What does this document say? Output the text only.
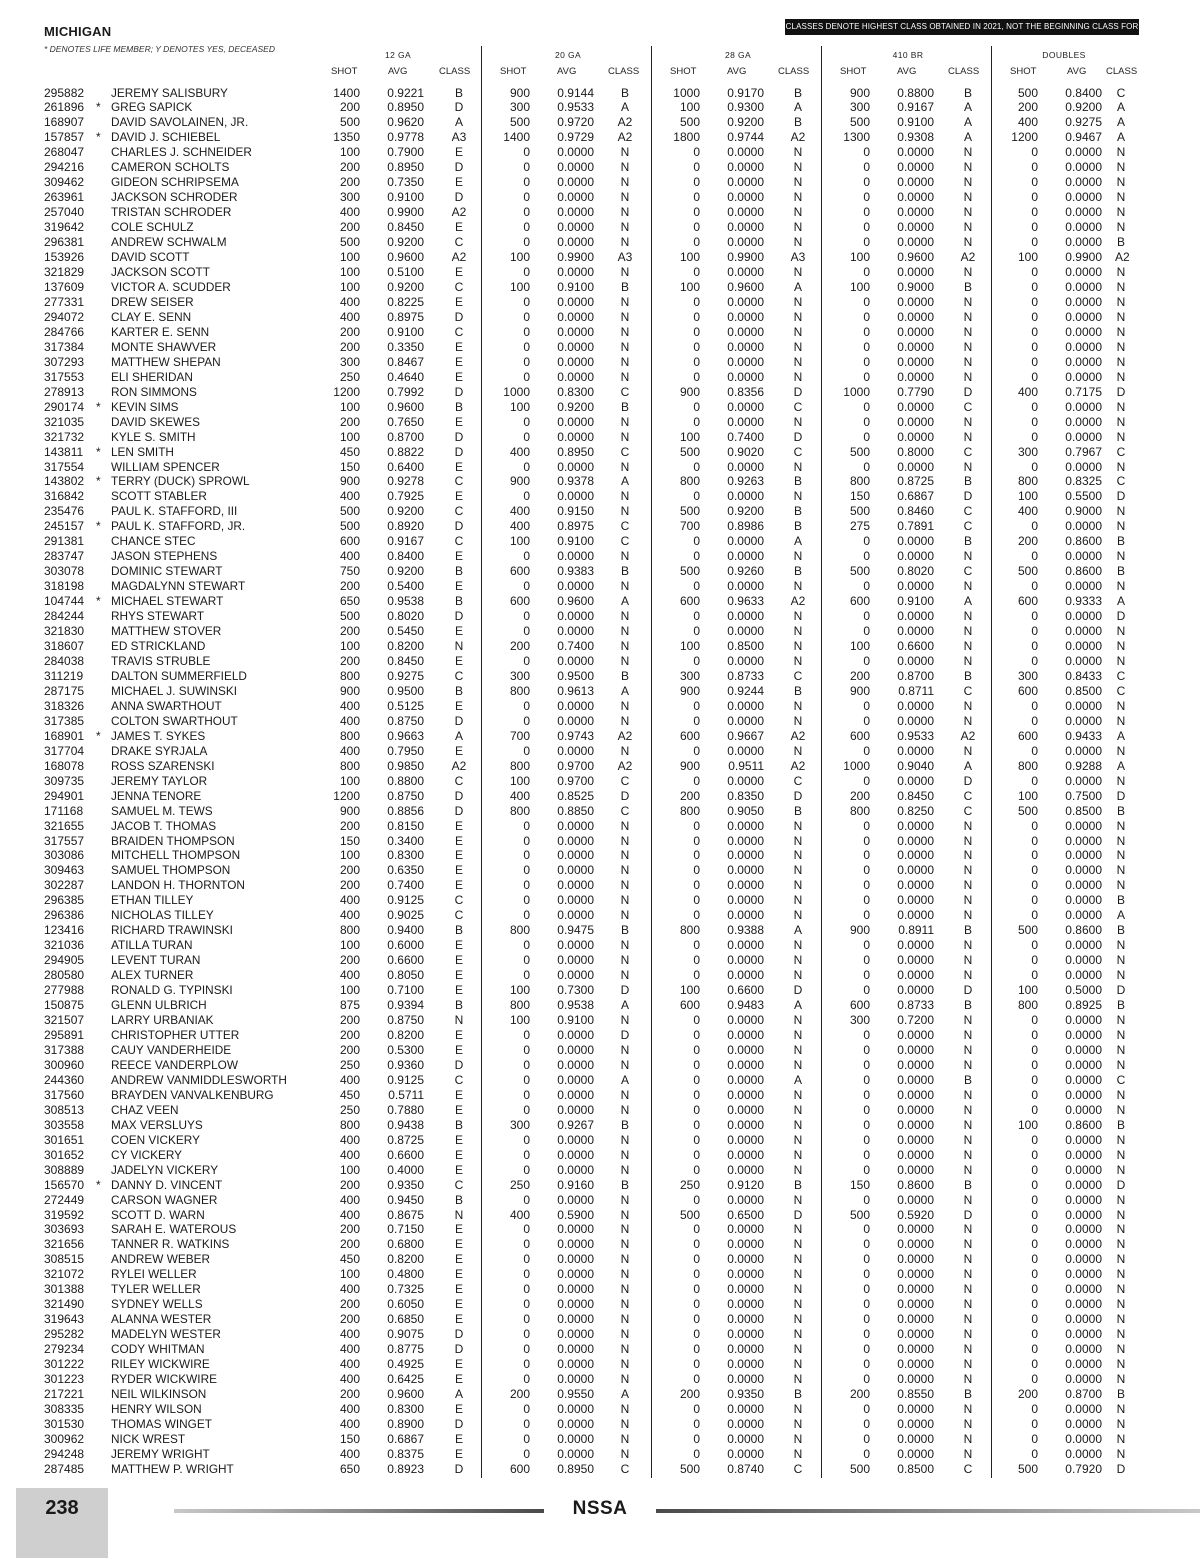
MICHIGAN
* DENOTES LIFE MEMBER; Y DENOTES YES, DECEASED
CLASSES DENOTE HIGHEST CLASS OBTAINED IN 2021, NOT THE BEGINNING CLASS FOR 2022.
12 GA	20 GA	28 GA	410 BR	DOUBLES
SHOT	AVG	CLASS	SHOT	AVG	CLASS	SHOT	AVG	CLASS	SHOT	AVG	CLASS	SHOT	AVG CLASS
295882 JEREMY SALISBURY	1400	0.9221	B	900	0.9144	B	1000	0.9170	B	900	0.8800	B	500	0.8400 C
261896 * GREG SAPICK	200	0.8950	D	300	0.9533	A	100	0.9300	A	300	0.9167	A	200	0.9200 A
168907 DAVID SAVOLAINEN, JR.	500	0.9620	A	500	0.9720	A2	500	0.9200	B	500	0.9100	A	400	0.9275 A
157857 * DAVID J. SCHIEBEL	1350	0.9778	A3	1400	0.9729	A2	1800	0.9744	A2	1300	0.9308	A	1200	0.9467 A
268047 CHARLES J. SCHNEIDER	100	0.7900	E	0	0.0000	N	0	0.0000	N	0	0.0000	N	0	0.0000 N
294216 CAMERON SCHOLTS	200	0.8950	D	0	0.0000	N	0	0.0000	N	0	0.0000	N	0	0.0000 N
309462 GIDEON SCHRIPSEMA	200	0.7350	E	0	0.0000	N	0	0.0000	N	0	0.0000	N	0	0.0000 N
263961 JACKSON SCHRODER	300	0.9100	D	0	0.0000	N	0	0.0000	N	0	0.0000	N	0	0.0000 N
257040 TRISTAN SCHRODER	400	0.9900	A2	0	0.0000	N	0	0.0000	N	0	0.0000	N	0	0.0000 N
319642 COLE SCHULZ	200	0.8450	E	0	0.0000	N	0	0.0000	N	0	0.0000	N	0	0.0000 N
296381 ANDREW SCHWALM	500	0.9200	C	0	0.0000	N	0	0.0000	N	0	0.0000	N	0	0.0000 B
153926 DAVID SCOTT	100	0.9600	A2	100	0.9900	A3	100	0.9900	A3	100	0.9600	A2	100	0.9900 A2
321829 JACKSON SCOTT	100	0.5100	E	0	0.0000	N	0	0.0000	N	0	0.0000	N	0	0.0000 N
137609 VICTOR A. SCUDDER	100	0.9200	C	100	0.9100	B	100	0.9600	A	100	0.9000	B	0	0.0000 N
277331 DREW SEISER	400	0.8225	E	0	0.0000	N	0	0.0000	N	0	0.0000	N	0	0.0000 N
294072 CLAY E. SENN	400	0.8975	D	0	0.0000	N	0	0.0000	N	0	0.0000	N	0	0.0000 N
284766 KARTER E. SENN	200	0.9100	C	0	0.0000	N	0	0.0000	N	0	0.0000	N	0	0.0000 N
317384 MONTE SHAWVER	200	0.3350	E	0	0.0000	N	0	0.0000	N	0	0.0000	N	0	0.0000 N
307293 MATTHEW SHEPAN	300	0.8467	E	0	0.0000	N	0	0.0000	N	0	0.0000	N	0	0.0000 N
317553 ELI SHERIDAN	250	0.4640	E	0	0.0000	N	0	0.0000	N	0	0.0000	N	0	0.0000 N
278913 RON SIMMONS	1200	0.7992	D	1000	0.8300	C	900	0.8356	D	1000	0.7790	D	400	0.7175 D
290174 * KEVIN SIMS	100	0.9600	B	100	0.9200	B	0	0.0000	C	0	0.0000	C	0	0.0000 N
321035 DAVID SKEWES	200	0.7650	E	0	0.0000	N	0	0.0000	N	0	0.0000	N	0	0.0000 N
321732 KYLE S. SMITH	100	0.8700	D	0	0.0000	N	100	0.7400	D	0	0.0000	N	0	0.0000 N
143811 * LEN SMITH	450	0.8822	D	400	0.8950	C	500	0.9020	C	500	0.8000	C	300	0.7967 C
317554 WILLIAM SPENCER	150	0.6400	E	0	0.0000	N	0	0.0000	N	0	0.0000	N	0	0.0000 N
143802 * TERRY (DUCK) SPROWL	900	0.9278	C	900	0.9378	A	800	0.9263	B	800	0.8725	B	800	0.8325 C
316842 SCOTT STABLER	400	0.7925	E	0	0.0000	N	0	0.0000	N	150	0.6867	D	100	0.5500 D
235476 PAUL K. STAFFORD, III	500	0.9200	C	400	0.9150	N	500	0.9200	B	500	0.8460	C	400	0.9000 N
245157 * PAUL K. STAFFORD, JR.	500	0.8920	D	400	0.8975	C	700	0.8986	B	275	0.7891	C	0	0.0000 N
291381 CHANCE STEC	600	0.9167	C	100	0.9100	C	0	0.0000	A	0	0.0000	B	200	0.8600 B
283747 JASON STEPHENS	400	0.8400	E	0	0.0000	N	0	0.0000	N	0	0.0000	N	0	0.0000 N
303078 DOMINIC STEWART	750	0.9200	B	600	0.9383	B	500	0.9260	B	500	0.8020	C	500	0.8600 B
318198 MAGDALYNN STEWART	200	0.5400	E	0	0.0000	N	0	0.0000	N	0	0.0000	N	0	0.0000 N
104744 * MICHAEL STEWART	650	0.9538	B	600	0.9600	A	600	0.9633	A2	600	0.9100	A	600	0.9333 A
284244 RHYS STEWART	500	0.8020	D	0	0.0000	N	0	0.0000	N	0	0.0000	N	0	0.0000 D
321830 MATTHEW STOVER	200	0.5450	E	0	0.0000	N	0	0.0000	N	0	0.0000	N	0	0.0000 N
318607 ED STRICKLAND	100	0.8200	N	200	0.7400	N	100	0.8500	N	100	0.6600	N	0	0.0000 N
284038 TRAVIS STRUBLE	200	0.8450	E	0	0.0000	N	0	0.0000	N	0	0.0000	N	0	0.0000 N
311219 DALTON SUMMERFIELD	800	0.9275	C	300	0.9500	B	300	0.8733	C	200	0.8700	B	300	0.8433 C
287175 MICHAEL J. SUWINSKI	900	0.9500	B	800	0.9613	A	900	0.9244	B	900	0.8711	C	600	0.8500 C
318326 ANNA SWARTHOUT	400	0.5125	E	0	0.0000	N	0	0.0000	N	0	0.0000	N	0	0.0000 N
317385 COLTON SWARTHOUT	400	0.8750	D	0	0.0000	N	0	0.0000	N	0	0.0000	N	0	0.0000 N
168901 * JAMES T. SYKES	800	0.9663	A	700	0.9743	A2	600	0.9667	A2	600	0.9533	A2	600	0.9433 A
317704 DRAKE SYRJALA	400	0.7950	E	0	0.0000	N	0	0.0000	N	0	0.0000	N	0	0.0000 N
168078 ROSS SZARENSKI	800	0.9850	A2	800	0.9700	A2	900	0.9511	A2	1000	0.9040	A	800	0.9288 A
309735 JEREMY TAYLOR	100	0.8800	C	100	0.9700	C	0	0.0000	C	0	0.0000	D	0	0.0000 N
294901 JENNA TENORE	1200	0.8750	D	400	0.8525	D	200	0.8350	D	200	0.8450	C	100	0.7500 D
171168 SAMUEL M. TEWS	900	0.8856	D	800	0.8850	C	800	0.9050	B	800	0.8250	C	500	0.8500 B
321655 JACOB T. THOMAS	200	0.8150	E	0	0.0000	N	0	0.0000	N	0	0.0000	N	0	0.0000 N
317557 BRAIDEN THOMPSON	150	0.3400	E	0	0.0000	N	0	0.0000	N	0	0.0000	N	0	0.0000 N
303086 MITCHELL THOMPSON	100	0.8300	E	0	0.0000	N	0	0.0000	N	0	0.0000	N	0	0.0000 N
309463 SAMUEL THOMPSON	200	0.6350	E	0	0.0000	N	0	0.0000	N	0	0.0000	N	0	0.0000 N
302287 LANDON H. THORNTON	200	0.7400	E	0	0.0000	N	0	0.0000	N	0	0.0000	N	0	0.0000 N
296385 ETHAN TILLEY	400	0.9125	C	0	0.0000	N	0	0.0000	N	0	0.0000	N	0	0.0000 B
296386 NICHOLAS TILLEY	400	0.9025	C	0	0.0000	N	0	0.0000	N	0	0.0000	N	0	0.0000 A
123416 RICHARD TRAWINSKI	800	0.9400	B	800	0.9475	B	800	0.9388	A	900	0.8911	B	500	0.8600 B
321036 ATILLA TURAN	100	0.6000	E	0	0.0000	N	0	0.0000	N	0	0.0000	N	0	0.0000 N
294905 LEVENT TURAN	200	0.6600	E	0	0.0000	N	0	0.0000	N	0	0.0000	N	0	0.0000 N
280580 ALEX TURNER	400	0.8050	E	0	0.0000	N	0	0.0000	N	0	0.0000	N	0	0.0000 N
277988 RONALD G. TYPINSKI	100	0.7100	E	100	0.7300	D	100	0.6600	D	0	0.0000	D	100	0.5000 D
150875 GLENN ULBRICH	875	0.9394	B	800	0.9538	A	600	0.9483	A	600	0.8733	B	800	0.8925 B
321507 LARRY URBANIAK	200	0.8750	N	100	0.9100	N	0	0.0000	N	300	0.7200	N	0	0.0000 N
295891 CHRISTOPHER UTTER	200	0.8200	E	0	0.0000	D	0	0.0000	N	0	0.0000	N	0	0.0000 N
317388 CAUY VANDERHEIDE	200	0.5300	E	0	0.0000	N	0	0.0000	N	0	0.0000	N	0	0.0000 N
300960 REECE VANDERPLOW	250	0.9360	D	0	0.0000	N	0	0.0000	N	0	0.0000	N	0	0.0000 N
244360 ANDREW VANMIDDLESWORTH	400	0.9125	C	0	0.0000	A	0	0.0000	A	0	0.0000	B	0	0.0000 C
317560 BRAYDEN VANVALKENBURG	450	0.5711	E	0	0.0000	N	0	0.0000	N	0	0.0000	N	0	0.0000 N
308513 CHAZ VEEN	250	0.7880	E	0	0.0000	N	0	0.0000	N	0	0.0000	N	0	0.0000 N
303558 MAX VERSLUYS	800	0.9438	B	300	0.9267	B	0	0.0000	N	0	0.0000	N	100	0.8600 B
301651 COEN VICKERY	400	0.8725	E	0	0.0000	N	0	0.0000	N	0	0.0000	N	0	0.0000 N
301652 CY VICKERY	400	0.6600	E	0	0.0000	N	0	0.0000	N	0	0.0000	N	0	0.0000 N
308889 JADELYN VICKERY	100	0.4000	E	0	0.0000	N	0	0.0000	N	0	0.0000	N	0	0.0000 N
156570 * DANNY D. VINCENT	200	0.9350	C	250	0.9160	B	250	0.9120	B	150	0.8600	B	0	0.0000 D
272449 CARSON WAGNER	400	0.9450	B	0	0.0000	N	0	0.0000	N	0	0.0000	N	0	0.0000 N
319592 SCOTT D. WARN	400	0.8675	N	400	0.5900	N	500	0.6500	D	500	0.5920	D	0	0.0000 N
303693 SARAH E. WATEROUS	200	0.7150	E	0	0.0000	N	0	0.0000	N	0	0.0000	N	0	0.0000 N
321656 TANNER R. WATKINS	200	0.6800	E	0	0.0000	N	0	0.0000	N	0	0.0000	N	0	0.0000 N
308515 ANDREW WEBER	450	0.8200	E	0	0.0000	N	0	0.0000	N	0	0.0000	N	0	0.0000 N
321072 RYLEI WELLER	100	0.4800	E	0	0.0000	N	0	0.0000	N	0	0.0000	N	0	0.0000 N
301388 TYLER WELLER	400	0.7325	E	0	0.0000	N	0	0.0000	N	0	0.0000	N	0	0.0000 N
321490 SYDNEY WELLS	200	0.6050	E	0	0.0000	N	0	0.0000	N	0	0.0000	N	0	0.0000 N
319643 ALANNA WESTER	200	0.6850	E	0	0.0000	N	0	0.0000	N	0	0.0000	N	0	0.0000 N
295282 MADELYN WESTER	400	0.9075	D	0	0.0000	N	0	0.0000	N	0	0.0000	N	0	0.0000 N
279234 CODY WHITMAN	400	0.8775	D	0	0.0000	N	0	0.0000	N	0	0.0000	N	0	0.0000 N
301222 RILEY WICKWIRE	400	0.4925	E	0	0.0000	N	0	0.0000	N	0	0.0000	N	0	0.0000 N
301223 RYDER WICKWIRE	400	0.6425	E	0	0.0000	N	0	0.0000	N	0	0.0000	N	0	0.0000 N
217221 NEIL WILKINSON	200	0.9600	A	200	0.9550	A	200	0.9350	B	200	0.8550	B	200	0.8700 B
308335 HENRY WILSON	400	0.8300	E	0	0.0000	N	0	0.0000	N	0	0.0000	N	0	0.0000 N
301530 THOMAS WINGET	400	0.8900	D	0	0.0000	N	0	0.0000	N	0	0.0000	N	0	0.0000 N
300962 NICK WREST	150	0.6867	E	0	0.0000	N	0	0.0000	N	0	0.0000	N	0	0.0000 N
294248 JEREMY WRIGHT	400	0.8375	E	0	0.0000	N	0	0.0000	N	0	0.0000	N	0	0.0000 N
287485 MATTHEW P. WRIGHT	650	0.8923	D	600	0.8950	C	500	0.8740	C	500	0.8500	C	500	0.7920 D
238	NSSA
